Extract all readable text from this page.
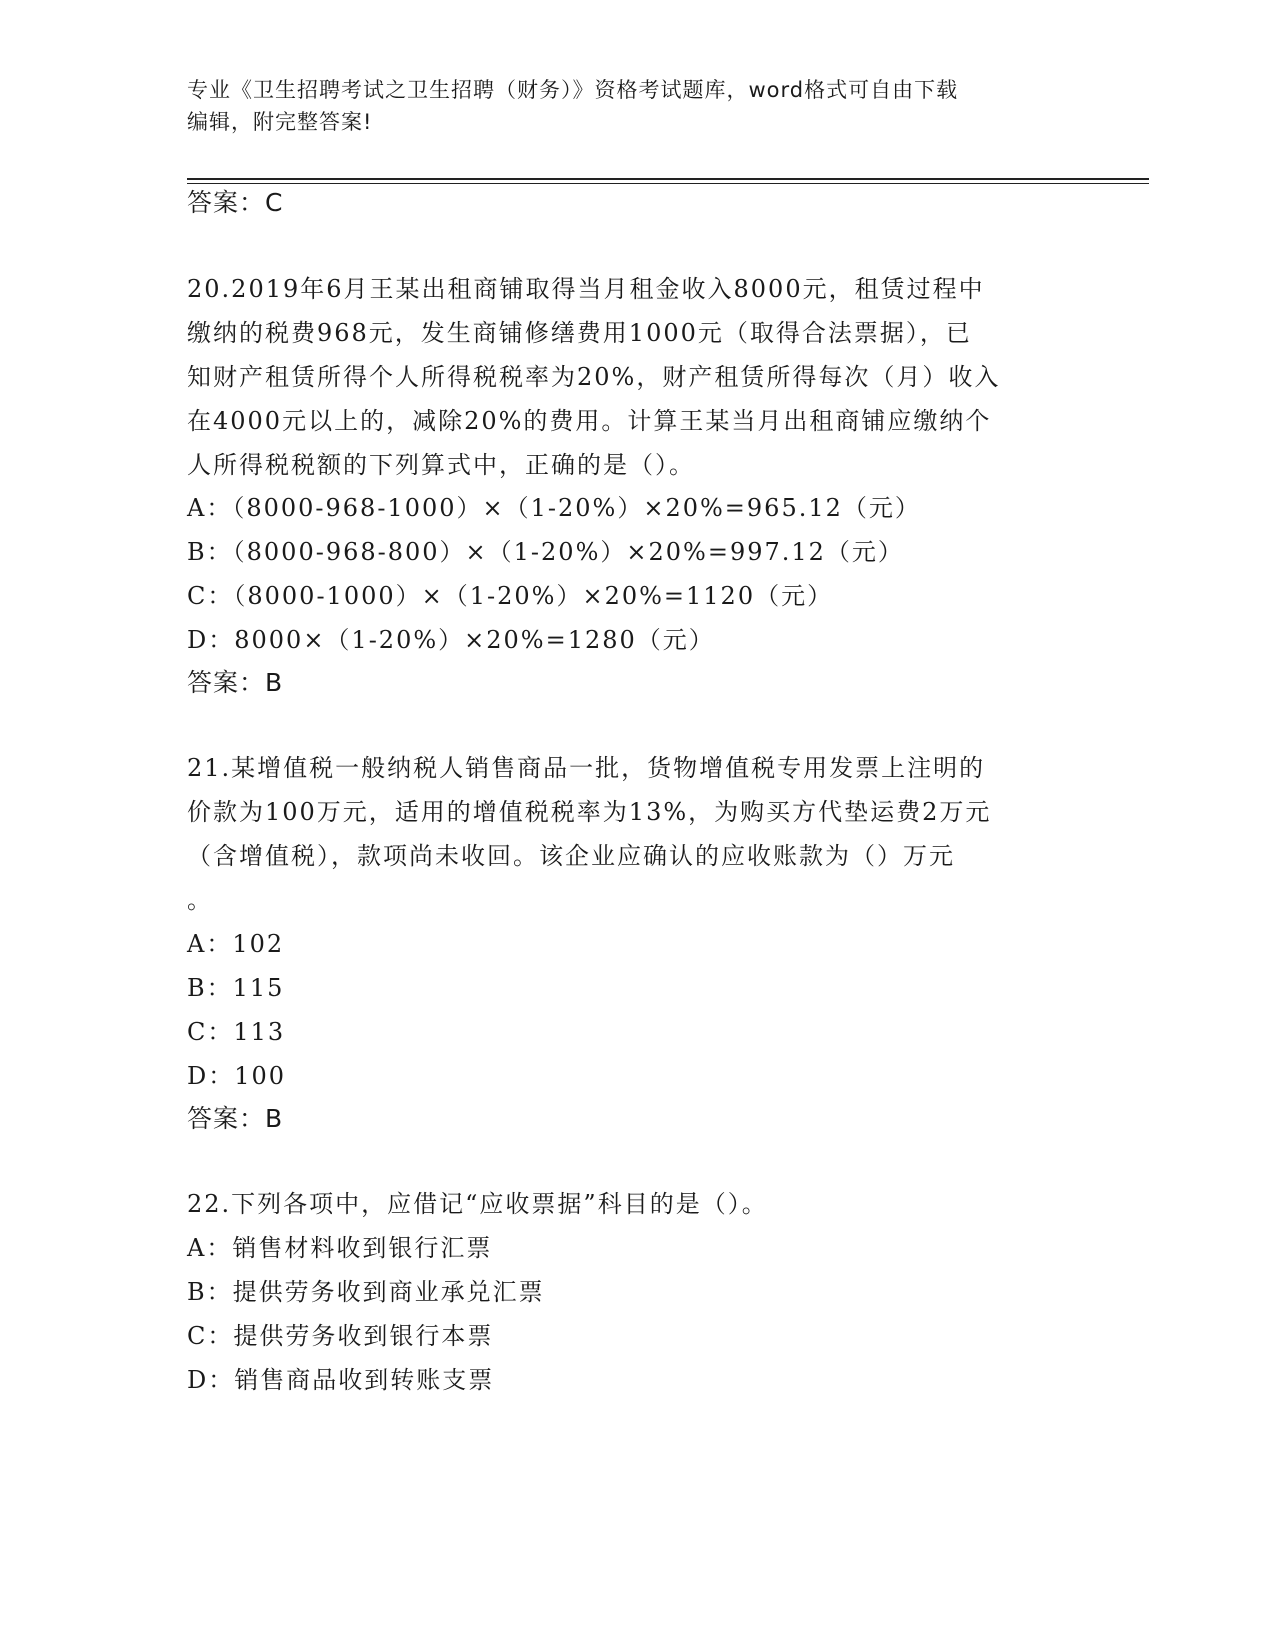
专业《卫生招聘考试之卫生招聘（财务）》资格考试题库，word格式可自由下载
编辑，附完整答案!
答案：C
20.2019年6月王某出租商铺取得当月租金收入8000元，租赁过程中
缴纳的税费968元，发生商铺修缮费用1000元（取得合法票据），已
知财产租赁所得个人所得税税率为20%，财产租赁所得每次（月）收入
在4000元以上的，减除20%的费用。计算王某当月出租商铺应缴纳个
人所得税税额的下列算式中，正确的是（）。
A：（8000-968-1000）×（1-20%）×20%=965.12（元）
B：（8000-968-800）×（1-20%）×20%=997.12（元）
C：（8000-1000）×（1-20%）×20%=1120（元）
D：8000×（1-20%）×20%=1280（元）
答案：B
21.某增值税一般纳税人销售商品一批，货物增值税专用发票上注明的
价款为100万元，适用的增值税税率为13%，为购买方代垫运费2万元
（含增值税），款项尚未收回。该企业应确认的应收账款为（）万元
。
A：102
B：115
C：113
D：100
答案：B
22.下列各项中，应借记“应收票据”科目的是（）。
A：销售材料收到银行汇票
B：提供劳务收到商业承兑汇票
C：提供劳务收到银行本票
D：销售商品收到转账支票
